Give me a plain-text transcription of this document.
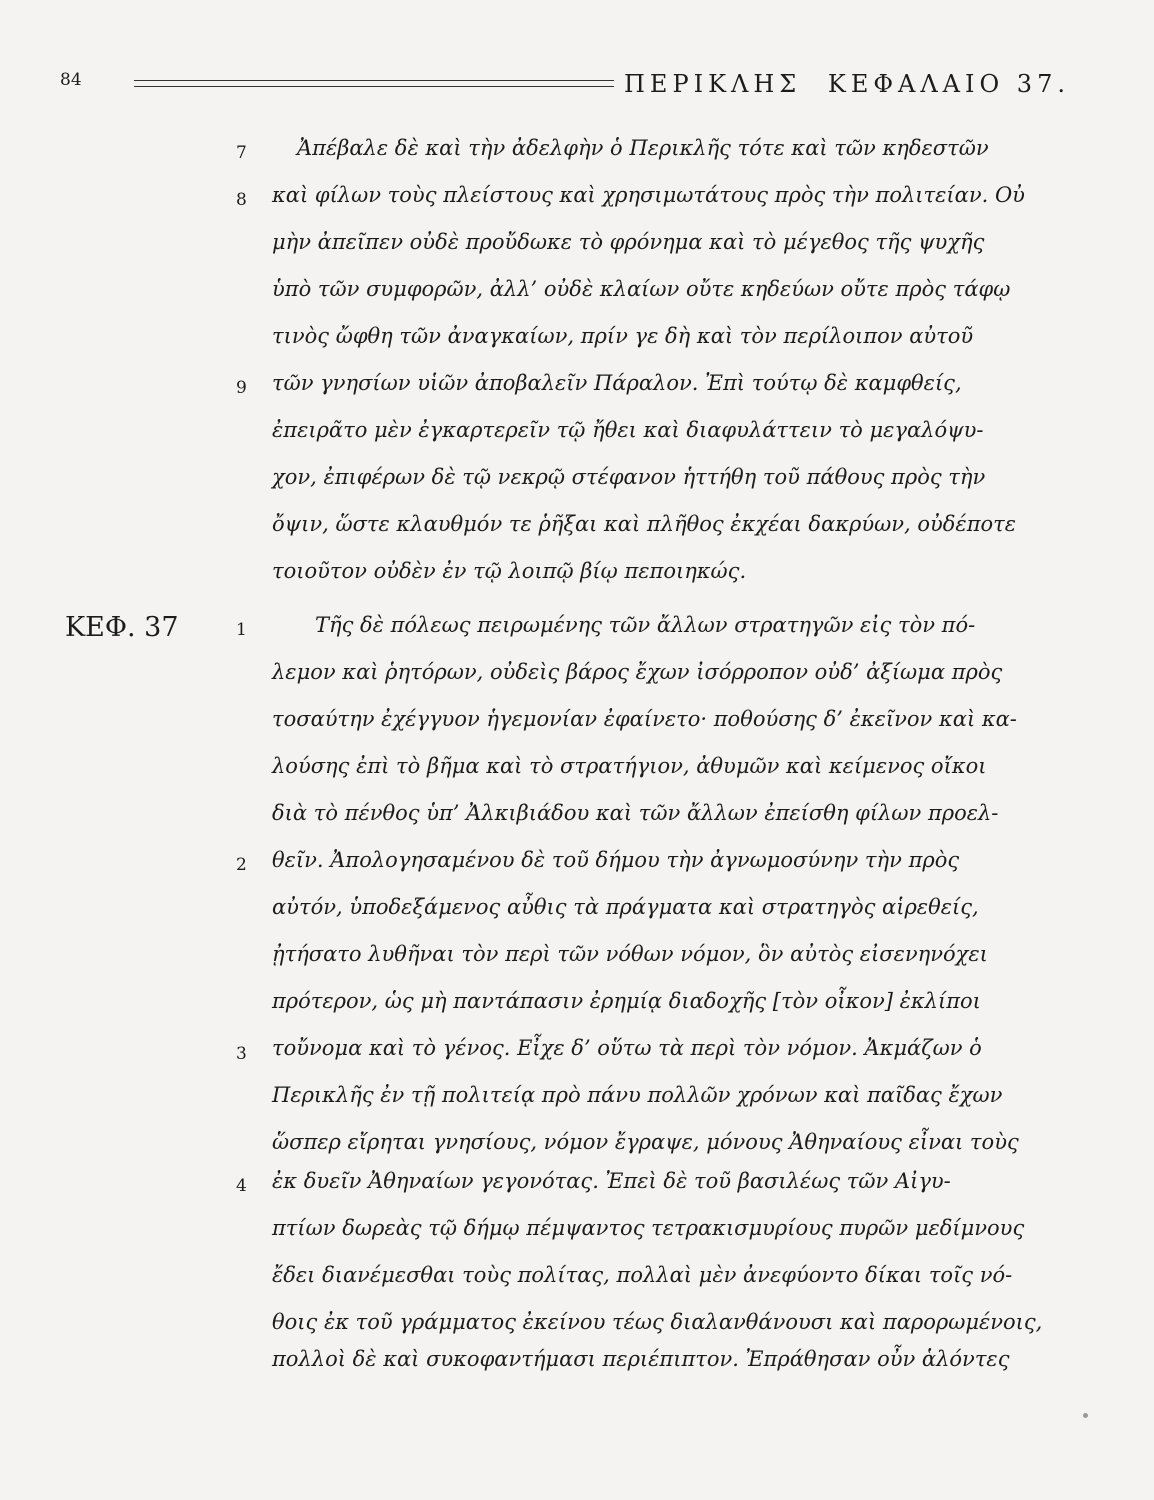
84	ΠΕΡΙΚΛΗΣ ΚΕΦΑΛΑΙΟ 37.
ΚΕΦ. 37
7
8
9
1
2
3
4
Ἀπέβαλε δὲ καὶ τὴν ἀδελφὴν ὁ Περικλῆς τότε καὶ τῶν κηδεστῶν
καὶ φίλων τοὺς πλείστους καὶ χρησιμωτάτους πρὸς τὴν πολιτείαν. Οὐ
μὴν ἀπεῖπεν οὐδὲ προὔδωκε τὸ φρόνημα καὶ τὸ μέγεθος τῆς ψυχῆς
ὑπὸ τῶν συμφορῶν, ἀλλ’ οὐδὲ κλαίων οὔτε κηδεύων οὔτε πρὸς τάφῳ
τινὸς ὤφθη τῶν ἀναγκαίων, πρίν γε δὴ καὶ τὸν περίλοιπον αὐτοῦ
τῶν γνησίων υἱῶν ἀποβαλεῖν Πάραλον. Ἐπὶ τούτῳ δὲ καμφθείς,
ἐπειρᾶτο μὲν ἐγκαρτερεῖν τῷ ἤθει καὶ διαφυλάττειν τὸ μεγαλόψυ-
χον, ἐπιφέρων δὲ τῷ νεκρῷ στέφανον ἡττήθη τοῦ πάθους πρὸς τὴν
ὄψιν, ὥστε κλαυθμόν τε ῥῆξαι καὶ πλῆθος ἐκχέαι δακρύων, οὐδέποτε
τοιοῦτον οὐδὲν ἐν τῷ λοιπῷ βίῳ πεποιηκώς.
Τῆς δὲ πόλεως πειρωμένης τῶν ἄλλων στρατηγῶν εἰς τὸν πό-
λεμον καὶ ῥητόρων, οὐδεὶς βάρος ἔχων ἰσόρροπον οὐδ’ ἀξίωμα πρὸς
τοσαύτην ἐχέγγυον ἡγεμονίαν ἐφαίνετο· ποθούσης δ’ ἐκεῖνον καὶ κα-
λούσης ἐπὶ τὸ βῆμα καὶ τὸ στρατήγιον, ἀθυμῶν καὶ κείμενος οἴκοι
διὰ τὸ πένθος ὑπ’ Ἀλκιβιάδου καὶ τῶν ἄλλων ἐπείσθη φίλων προελ-
θεῖν. Ἀπολογησαμένου δὲ τοῦ δήμου τὴν ἀγνωμοσύνην τὴν πρὸς
αὐτόν, ὑποδεξάμενος αὖθις τὰ πράγματα καὶ στρατηγὸς αἱρεθείς,
ᾐτήσατο λυθῆναι τὸν περὶ τῶν νόθων νόμον, ὃν αὐτὸς εἰσενηνόχει
πρότερον, ὡς μὴ παντάπασιν ἐρημίᾳ διαδοχῆς [τὸν οἶκον] ἐκλίποι
τοὔνομα καὶ τὸ γένος. Εἶχε δ’ οὕτω τὰ περὶ τὸν νόμον. Ἀκμάζων ὁ
Περικλῆς ἐν τῇ πολιτείᾳ πρὸ πάνυ πολλῶν χρόνων καὶ παῖδας ἔχων
ὥσπερ εἴρηται γνησίους, νόμον ἔγραψε, μόνους Ἀθηναίους εἶναι τοὺς
ἐκ δυεῖν Ἀθηναίων γεγονότας. Ἐπεὶ δὲ τοῦ βασιλέως τῶν Αἰγυ-
πτίων δωρεὰς τῷ δήμῳ πέμψαντος τετρακισμυρίους πυρῶν μεδίμνους
ἔδει διανέμεσθαι τοὺς πολίτας, πολλαὶ μὲν ἀνεφύοντο δίκαι τοῖς νό-
θοις ἐκ τοῦ γράμματος ἐκείνου τέως διαλανθάνουσι καὶ παρορωμένοις,
πολλοὶ δὲ καὶ συκοφαντήμασι περιέπιπτον. Ἐπράθησαν οὖν ἁλόντες
